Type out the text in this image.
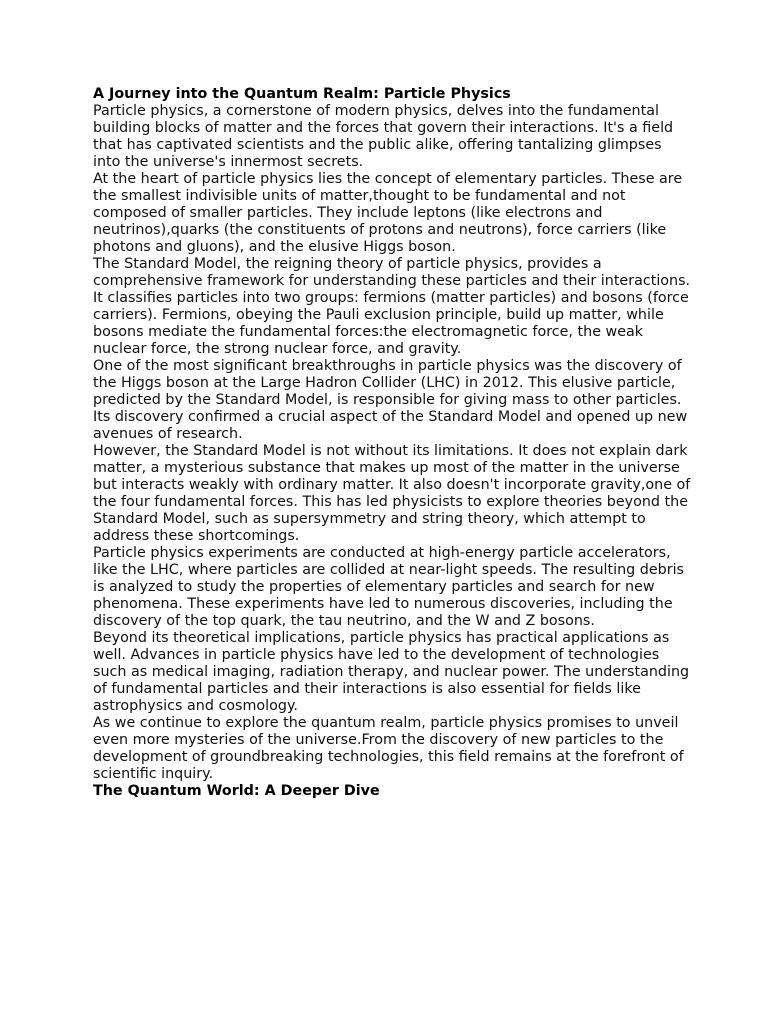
A Journey into the Quantum Realm: Particle Physics

Particle physics, a cornerstone of modern physics, delves into the fundamental building blocks of matter and the forces that govern their interactions. It's a field that has captivated scientists and the public alike, offering tantalizing glimpses into the universe's innermost secrets.

At the heart of particle physics lies the concept of elementary particles. These are the smallest indivisible units of matter,thought to be fundamental and not composed of smaller particles. They include leptons (like electrons and neutrinos),quarks (the constituents of protons and neutrons), force carriers (like photons and gluons), and the elusive Higgs boson.

The Standard Model, the reigning theory of particle physics, provides a comprehensive framework for understanding these particles and their interactions. It classifies particles into two groups: fermions (matter particles) and bosons (force carriers). Fermions, obeying the Pauli exclusion principle, build up matter, while bosons mediate the fundamental forces:the electromagnetic force, the weak nuclear force, the strong nuclear force, and gravity.

One of the most significant breakthroughs in particle physics was the discovery of the Higgs boson at the Large Hadron Collider (LHC) in 2012. This elusive particle, predicted by the Standard Model, is responsible for giving mass to other particles. Its discovery confirmed a crucial aspect of the Standard Model and opened up new avenues of research.

However, the Standard Model is not without its limitations. It does not explain dark matter, a mysterious substance that makes up most of the matter in the universe but interacts weakly with ordinary matter. It also doesn't incorporate gravity,one of the four fundamental forces. This has led physicists to explore theories beyond the Standard Model, such as supersymmetry and string theory, which attempt to address these shortcomings.

Particle physics experiments are conducted at high-energy particle accelerators, like the LHC, where particles are collided at near-light speeds. The resulting debris is analyzed to study the properties of elementary particles and search for new phenomena. These experiments have led to numerous discoveries, including the discovery of the top quark, the tau neutrino, and the W and Z bosons.

Beyond its theoretical implications, particle physics has practical applications as well. Advances in particle physics have led to the development of technologies such as medical imaging, radiation therapy, and nuclear power. The understanding of fundamental particles and their interactions is also essential for fields like astrophysics and cosmology.

As we continue to explore the quantum realm, particle physics promises to unveil even more mysteries of the universe.From the discovery of new particles to the development of groundbreaking technologies, this field remains at the forefront of scientific inquiry.

The Quantum World: A Deeper Dive
